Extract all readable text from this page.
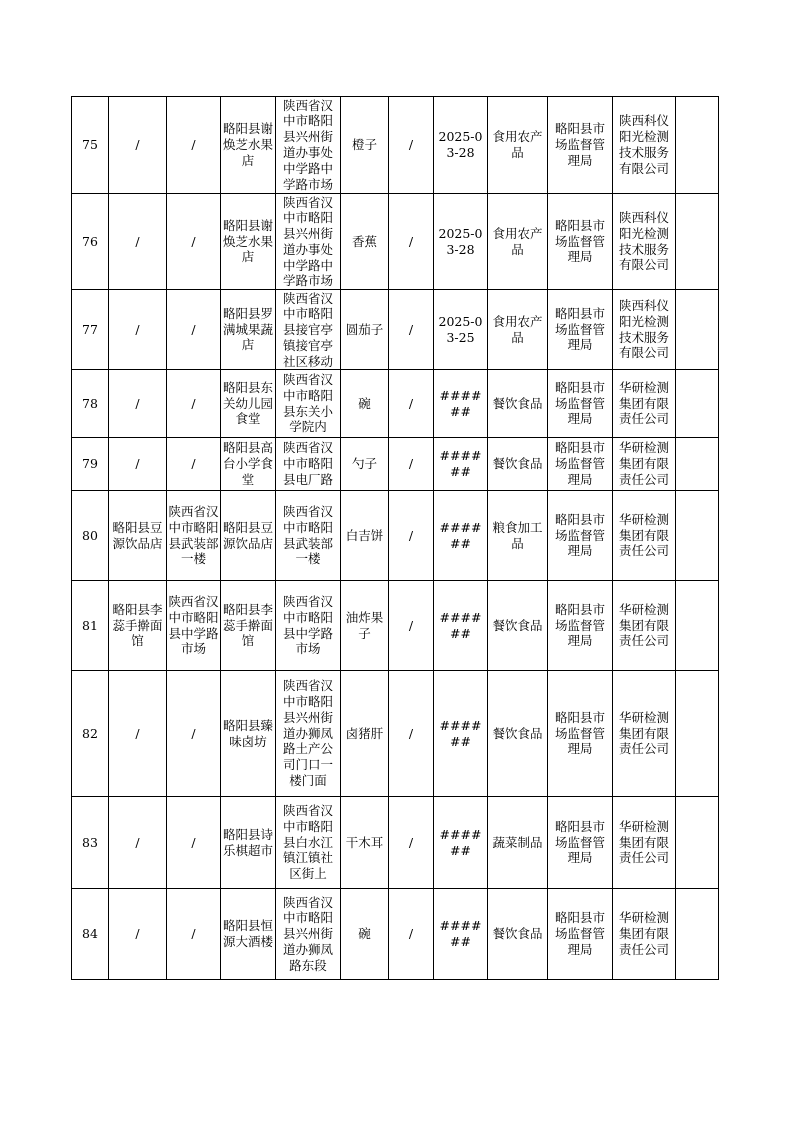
75	/	/	略阳县谢焕芝水果店	陕西省汉中市略阳县兴州街道办事处中学路中学路市场	橙子	/	2025-03-28	食用农产品	略阳县市场监督管理局	陕西科仪阳光检测技术服务有限公司	
76	/	/	略阳县谢焕芝水果店	陕西省汉中市略阳县兴州街道办事处中学路中学路市场	香蕉	/	2025-03-28	食用农产品	略阳县市场监督管理局	陕西科仪阳光检测技术服务有限公司	
77	/	/	略阳县罗满城果蔬店	陕西省汉中市略阳县接官亭镇接官亭社区移动	圆茄子	/	2025-03-25	食用农产品	略阳县市场监督管理局	陕西科仪阳光检测技术服务有限公司	
78	/	/	略阳县东关幼儿园食堂	陕西省汉中市略阳县东关小学院内	碗	/	######	餐饮食品	略阳县市场监督管理局	华研检测集团有限责任公司	
79	/	/	略阳县高台小学食堂	陕西省汉中市略阳县电厂路	勺子	/	######	餐饮食品	略阳县市场监督管理局	华研检测集团有限责任公司	
80	略阳县豆源饮品店	陕西省汉中市略阳县武装部一楼	略阳县豆源饮品店	陕西省汉中市略阳县武装部一楼	白吉饼	/	######	粮食加工品	略阳县市场监督管理局	华研检测集团有限责任公司	
81	略阳县李蕊手擀面馆	陕西省汉中市略阳县中学路市场	略阳县李蕊手擀面馆	陕西省汉中市略阳县中学路市场	油炸果子	/	######	餐饮食品	略阳县市场监督管理局	华研检测集团有限责任公司	
82	/	/	略阳县臻味卤坊	陕西省汉中市略阳县兴州街道办狮凤路土产公司门口一楼门面	卤猪肝	/	######	餐饮食品	略阳县市场监督管理局	华研检测集团有限责任公司	
83	/	/	略阳县诗乐棋超市	陕西省汉中市略阳县白水江镇江镇社区街上	干木耳	/	######	蔬菜制品	略阳县市场监督管理局	华研检测集团有限责任公司	
84	/	/	略阳县恒源大酒楼	陕西省汉中市略阳县兴州街道办狮凤路东段	碗	/	######	餐饮食品	略阳县市场监督管理局	华研检测集团有限责任公司	
